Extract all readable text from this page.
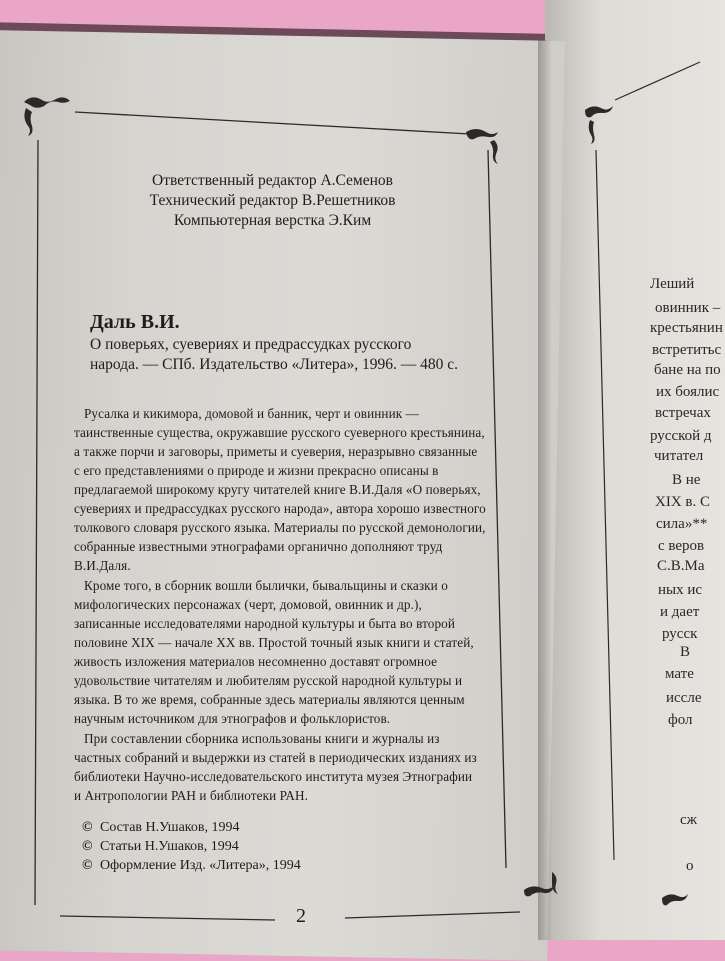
Ответственный редактор А.Семенов
Технический редактор В.Решетников
Компьютерная верстка Э.Ким
Даль В.И.
О поверьях, суевериях и предрассудках русского
народа. — СПб. Издательство «Литера», 1996. — 480 с.
Русалка и кикимора, домовой и банник, черт и овинник —
таинственные существа, окружавшие русского суеверного крестьянина,
а также порчи и заговоры, приметы и суеверия, неразрывно связанные
с его представлениями о природе и жизни прекрасно описаны в
предлагаемой широкому кругу читателей книге В.И.Даля «О поверьях,
суевериях и предрассудках русского народа», автора хорошо известного
толкового словаря русского языка. Материалы по русской демонологии,
собранные известными этнографами органично дополняют труд
В.И.Даля.
Кроме того, в сборник вошли былички, бывальщины и сказки о
мифологических персонажах (черт, домовой, овинник и др.),
записанные исследователями народной культуры и быта во второй
половине XIX — начале XX вв. Простой точный язык книги и статей,
живость изложения материалов несомненно доставят огромное
удовольствие читателям и любителям русской народной культуры и
языка. В то же время, собранные здесь материалы являются ценным
научным источником для этнографов и фольклористов.
При составлении сборника использованы книги и журналы из
частных собраний и выдержки из статей в периодических изданиях из
библиотеки Научно-исследовательского института музея Этнографии
и Антропологии РАН и библиотеки РАН.
© Состав Н.Ушаков, 1994
© Статьи Н.Ушаков, 1994
© Оформление Изд. «Литера», 1994
2
Леший
овинник –
крестьянин
встретитьс
бане на по
их боялис
встречах
русской д
читател
В не
XIX в. С
сила»**
с веров
С.В.Ма
ных ис
и дает
русск
В
мате
иссле
фол
сж
о
